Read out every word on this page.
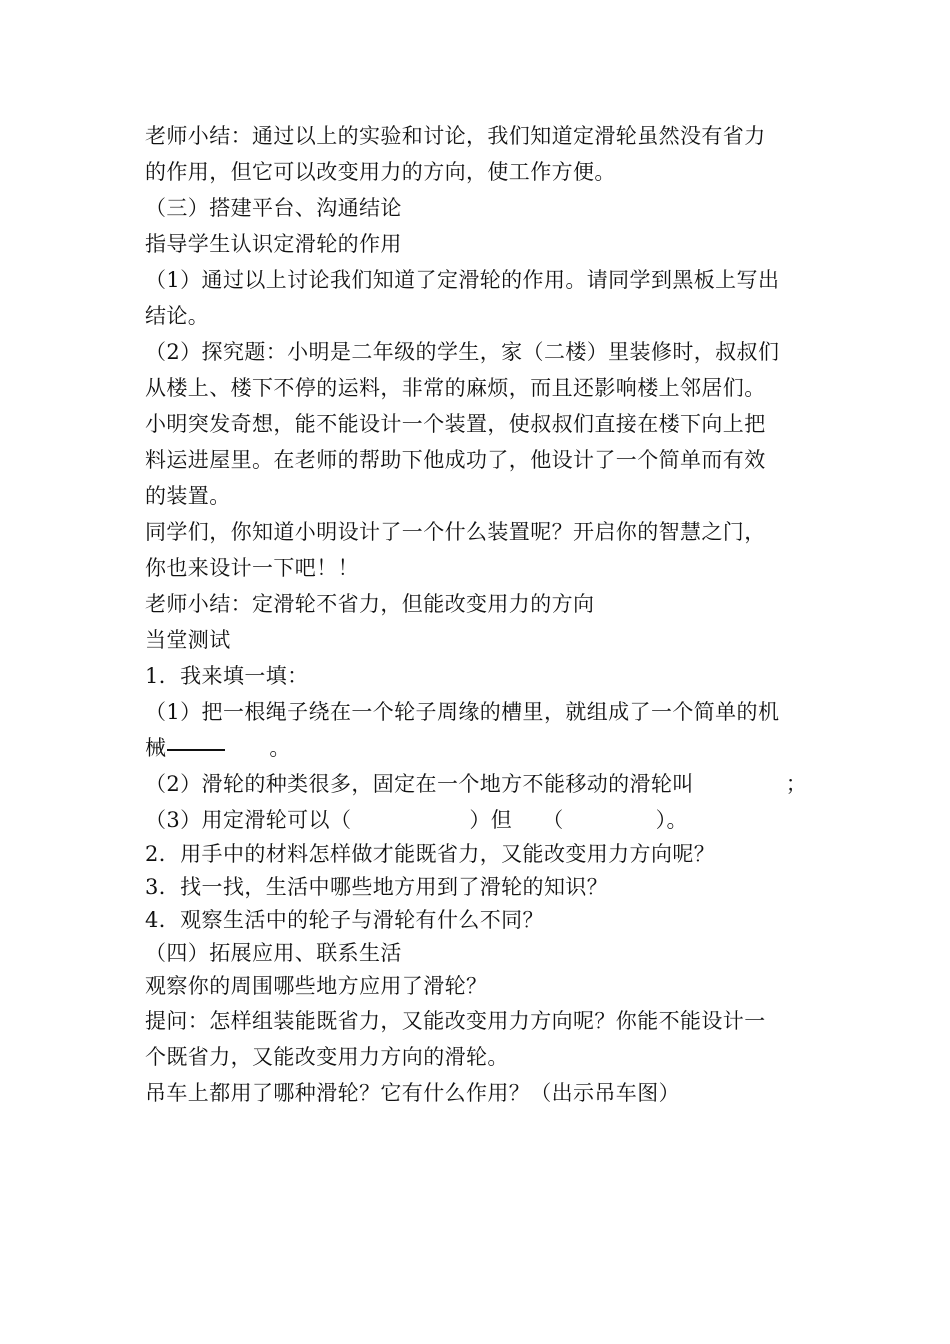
老师小结：通过以上的实验和讨论，我们知道定滑轮虽然没有省力
的作用，但它可以改变用力的方向，使工作方便。
（三）搭建平台、沟通结论
指导学生认识定滑轮的作用
（1）通过以上讨论我们知道了定滑轮的作用。请同学到黑板上写出
结论。
（2）探究题：小明是二年级的学生，家（二楼）里装修时，叔叔们
从楼上、楼下不停的运料，非常的麻烦，而且还影响楼上邻居们。
小明突发奇想，能不能设计一个装置，使叔叔们直接在楼下向上把
料运进屋里。在老师的帮助下他成功了，他设计了一个简单而有效
的装置。
同学们，你知道小明设计了一个什么装置呢？开启你的智慧之门，
你也来设计一下吧！！
老师小结：定滑轮不省力，但能改变用力的方向
当堂测试
1．我来填一填：
（1）把一根绳子绕在一个轮子周缘的槽里，就组成了一个简单的机
械	。
（2）滑轮的种类很多，固定在一个地方不能移动的滑轮叫	；
（3）用定滑轮可以（	）但 （	）。
2．用手中的材料怎样做才能既省力，又能改变用力方向呢？
3．找一找，生活中哪些地方用到了滑轮的知识？
4．观察生活中的轮子与滑轮有什么不同？
（四）拓展应用、联系生活
观察你的周围哪些地方应用了滑轮？
提问：怎样组装能既省力，又能改变用力方向呢？你能不能设计一
个既省力，又能改变用力方向的滑轮。
吊车上都用了哪种滑轮？它有什么作用？（出示吊车图）
